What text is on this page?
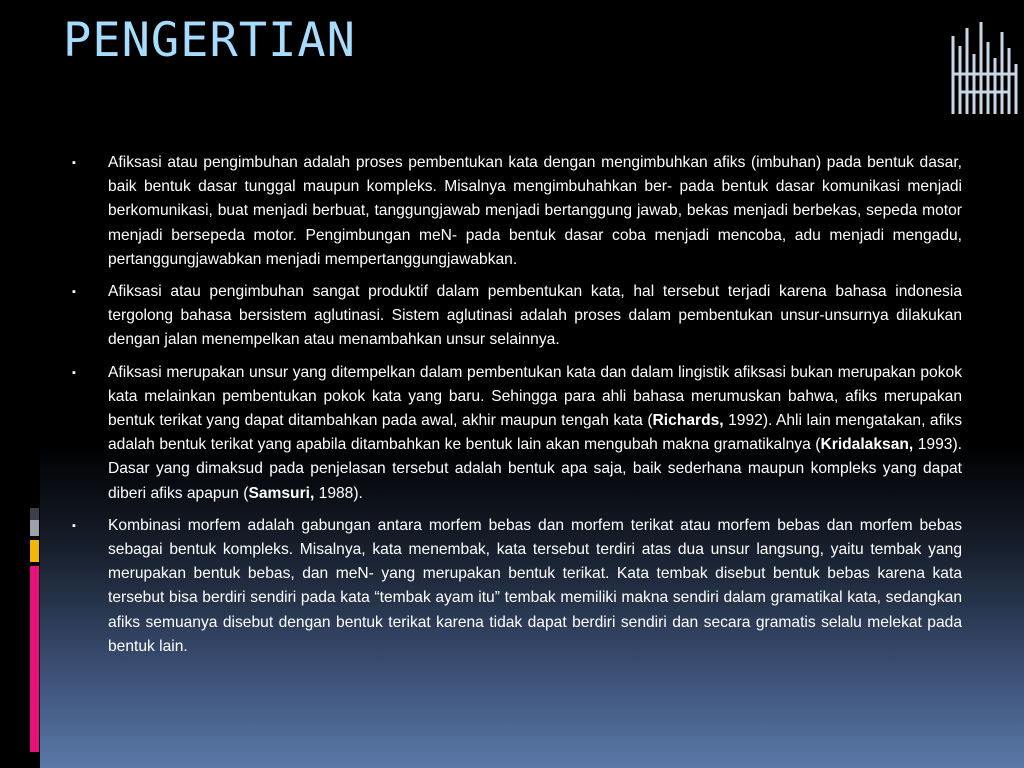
PENGERTIAN
▪ Afiksasi atau pengimbuhan adalah proses pembentukan kata dengan mengimbuhkan afiks (imbuhan) pada bentuk dasar, baik bentuk dasar tunggal maupun kompleks. Misalnya mengimbuhahkan ber- pada bentuk dasar komunikasi menjadi berkomunikasi, buat menjadi berbuat, tanggungjawab menjadi bertanggung jawab, bekas menjadi berbekas, sepeda motor menjadi bersepeda motor. Pengimbungan meN- pada bentuk dasar coba menjadi mencoba, adu menjadi mengadu, pertanggungjawabkan menjadi mempertanggungjawabkan.
▪ Afiksasi atau pengimbuhan sangat produktif dalam pembentukan kata, hal tersebut terjadi karena bahasa indonesia tergolong bahasa bersistem aglutinasi. Sistem aglutinasi adalah proses dalam pembentukan unsur-unsurnya dilakukan dengan jalan menempelkan atau menambahkan unsur selainnya.
▪ Afiksasi merupakan unsur yang ditempelkan dalam pembentukan kata dan dalam lingistik afiksasi bukan merupakan pokok kata melainkan pembentukan pokok kata yang baru. Sehingga para ahli bahasa merumuskan bahwa, afiks merupakan bentuk terikat yang dapat ditambahkan pada awal, akhir maupun tengah kata (Richards, 1992). Ahli lain mengatakan, afiks adalah bentuk terikat yang apabila ditambahkan ke bentuk lain akan mengubah makna gramatikalnya (Kridalaksan, 1993). Dasar yang dimaksud pada penjelasan tersebut adalah bentuk apa saja, baik sederhana maupun kompleks yang dapat diberi afiks apapun (Samsuri, 1988).
▪ Kombinasi morfem adalah gabungan antara morfem bebas dan morfem terikat atau morfem bebas dan morfem bebas sebagai bentuk kompleks. Misalnya, kata menembak, kata tersebut terdiri atas dua unsur langsung, yaitu tembak yang merupakan bentuk bebas, dan meN- yang merupakan bentuk terikat. Kata tembak disebut bentuk bebas karena kata tersebut bisa berdiri sendiri pada kata “tembak ayam itu” tembak memiliki makna sendiri dalam gramatikal kata, sedangkan afiks semuanya disebut dengan bentuk terikat karena tidak dapat berdiri sendiri dan secara gramatis selalu melekat pada bentuk lain.
